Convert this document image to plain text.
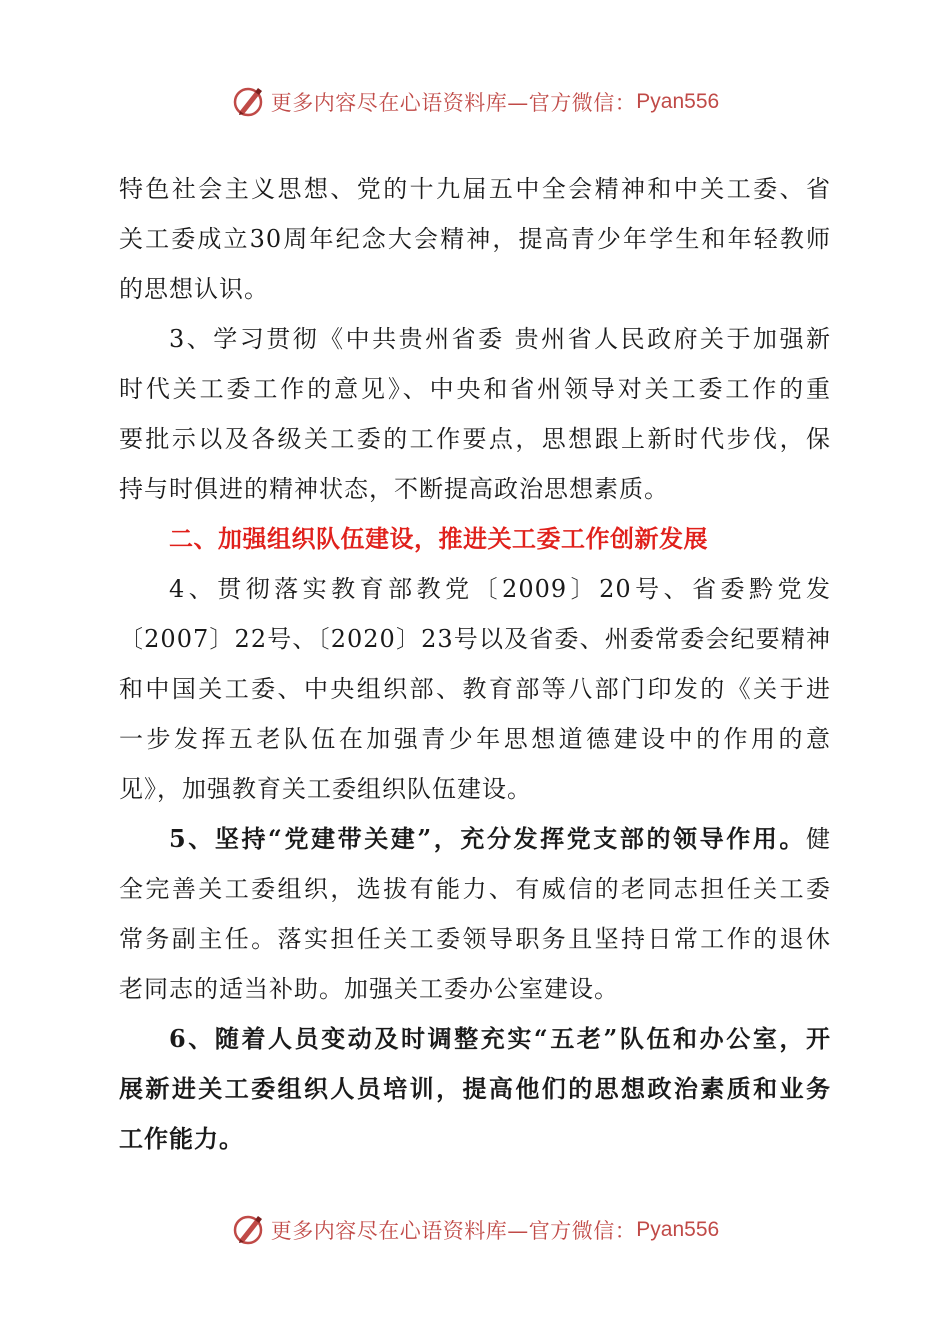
更多内容尽在心语资料库—官方微信： Pyan556
特色社会主义思想、党的十九届五中全会精神和中关工委、省
关工委成立30周年纪念大会精神，提高青少年学生和年轻教师
的思想认识。
3、学习贯彻《中共贵州省委 贵州省人民政府关于加强新
时代关工委工作的意见》、中央和省州领导对关工委工作的重
要批示以及各级关工委的工作要点，思想跟上新时代步伐，保
持与时俱进的精神状态，不断提高政治思想素质。
二、加强组织队伍建设，推进关工委工作创新发展
4、贯彻落实教育部教党〔2009〕20号、省委黔党发
〔2007〕22号、〔2020〕23号以及省委、州委常委会纪要精神
和中国关工委、中央组织部、教育部等八部门印发的《关于进
一步发挥五老队伍在加强青少年思想道德建设中的作用的意
见》，加强教育关工委组织队伍建设。
5、坚持“党建带关建”，充分发挥党支部的领导作用。健
全完善关工委组织，选拔有能力、有威信的老同志担任关工委
常务副主任。落实担任关工委领导职务且坚持日常工作的退休
老同志的适当补助。加强关工委办公室建设。
6、随着人员变动及时调整充实“五老”队伍和办公室，开
展新进关工委组织人员培训，提高他们的思想政治素质和业务
工作能力。
更多内容尽在心语资料库—官方微信： Pyan556
